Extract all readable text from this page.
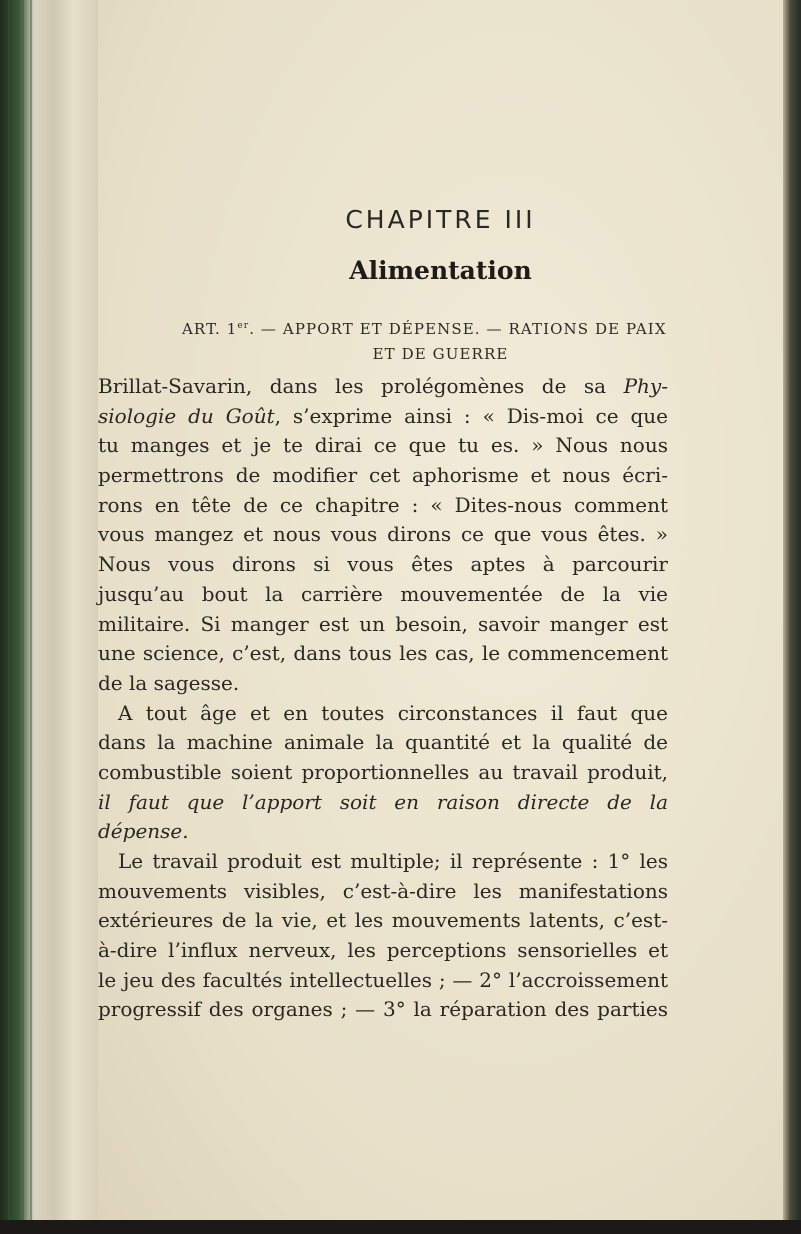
CHAPITRE III
Alimentation
ART. 1er. — APPORT ET DÉPENSE. — RATIONS DE PAIX
ET DE GUERRE
Brillat-Savarin, dans les prolégomènes de sa Phy-
siologie du Goût, s’exprime ainsi : « Dis-moi ce que
tu manges et je te dirai ce que tu es. » Nous nous
permettrons de modifier cet aphorisme et nous écri-
rons en tête de ce chapitre : « Dites-nous comment
vous mangez et nous vous dirons ce que vous êtes. »
Nous vous dirons si vous êtes aptes à parcourir
jusqu’au bout la carrière mouvementée de la vie
militaire. Si manger est un besoin, savoir manger est
une science, c’est, dans tous les cas, le commencement
de la sagesse.
A tout âge et en toutes circonstances il faut que
dans la machine animale la quantité et la qualité de
combustible soient proportionnelles au travail produit,
il faut que l’apport soit en raison directe de la
dépense.
Le travail produit est multiple; il représente : 1° les
mouvements visibles, c’est-à-dire les manifestations
extérieures de la vie, et les mouvements latents, c’est-
à-dire l’influx nerveux, les perceptions sensorielles et
le jeu des facultés intellectuelles ; — 2° l’accroissement
progressif des organes ; — 3° la réparation des parties
